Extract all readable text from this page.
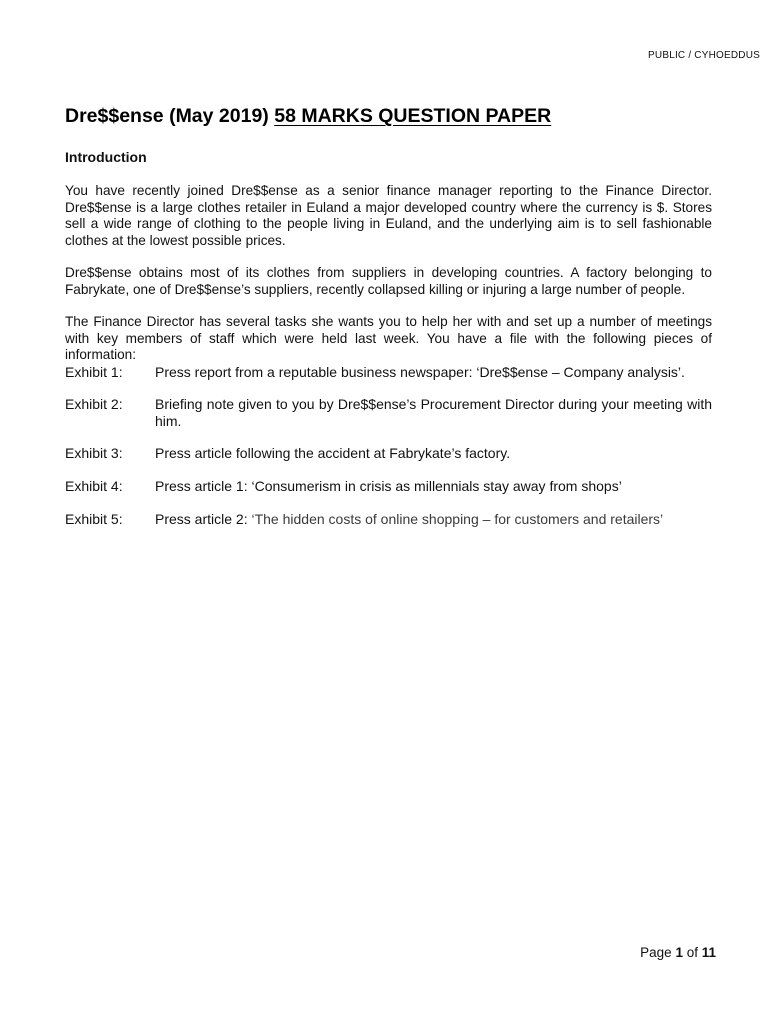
PUBLIC / CYHOEDDUS
Dre$$ense (May 2019) 58 MARKS QUESTION PAPER
Introduction
You have recently joined Dre$$ense as a senior finance manager reporting to the Finance Director. Dre$$ense is a large clothes retailer in Euland a major developed country where the currency is $. Stores sell a wide range of clothing to the people living in Euland, and the underlying aim is to sell fashionable clothes at the lowest possible prices.
Dre$$ense obtains most of its clothes from suppliers in developing countries. A factory belonging to Fabrykate, one of Dre$$ense’s suppliers, recently collapsed killing or injuring a large number of people.
The Finance Director has several tasks she wants you to help her with and set up a number of meetings with key members of staff which were held last week. You have a file with the following pieces of information:
Exhibit 1:	Press report from a reputable business newspaper: ‘Dre$$ense – Company analysis’.
Exhibit 2:	Briefing note given to you by Dre$$ense’s Procurement Director during your meeting with him.
Exhibit 3:	Press article following the accident at Fabrykate’s factory.
Exhibit 4:	Press article 1: ‘Consumerism in crisis as millennials stay away from shops’
Exhibit 5:	Press article 2: ‘The hidden costs of online shopping – for customers and retailers’
Page 1 of 11
